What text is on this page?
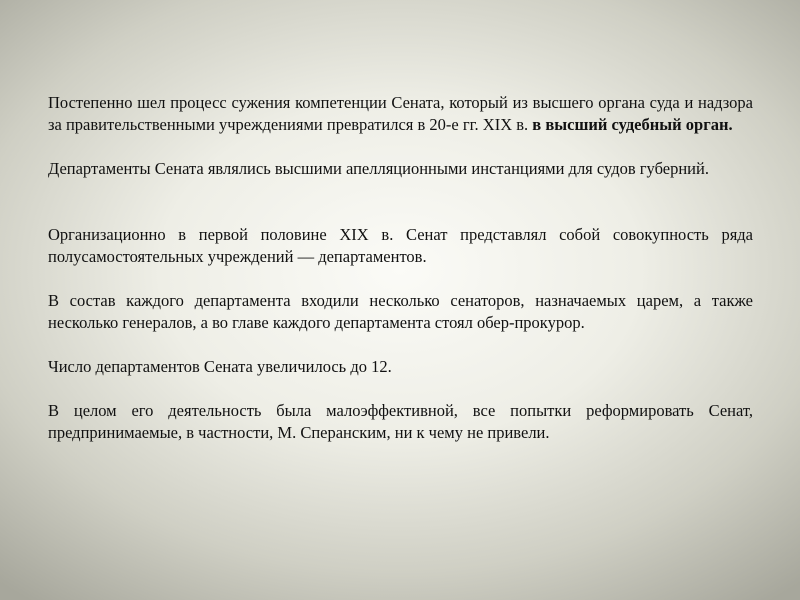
Постепенно шел процесс сужения компетенции Сената, который из высшего органа суда и надзора за правительственными учреждениями превратился в 20-е гг. XIX в. в высший судебный орган.

Департаменты Сената являлись высшими апелляционными инстанциями для судов губерний.

Организационно в первой половине XIX в. Сенат представлял собой совокупность ряда полусамостоятельных учреждений — департаментов.

В состав каждого департамента входили несколько сенаторов, назначаемых царем, а также несколько генералов, а во главе каждого департамента стоял обер-прокурор.

Число департаментов Сената увеличилось до 12.

В целом его деятельность была малоэффективной, все попытки реформировать Сенат, предпринимаемые, в частности, М. Сперанским, ни к чему не привели.
